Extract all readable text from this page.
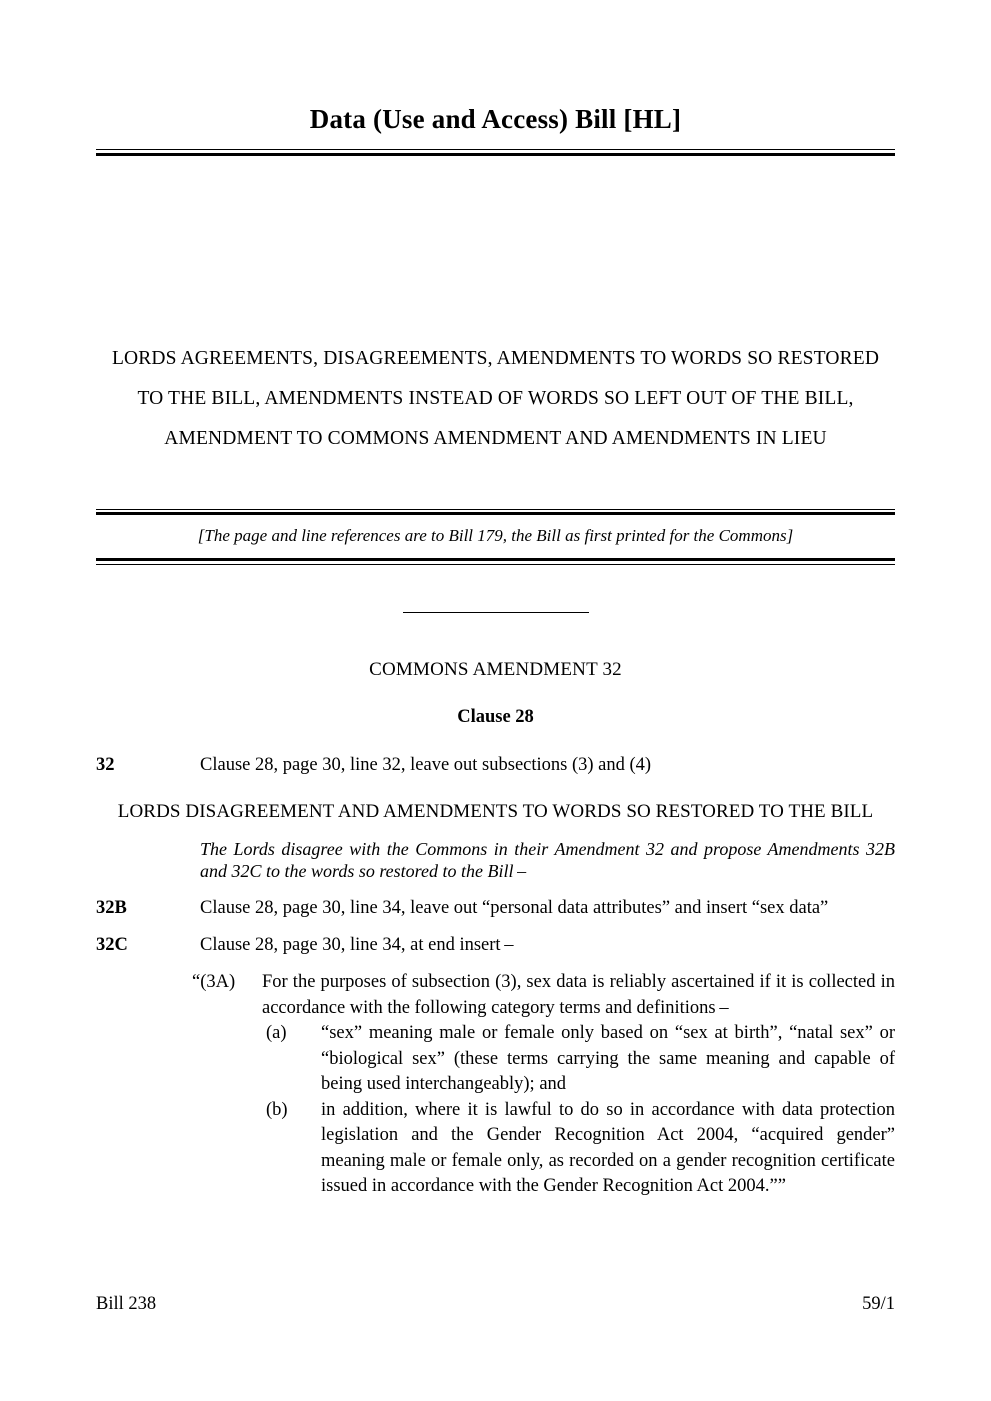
Data (Use and Access) Bill [HL]
LORDS AGREEMENTS, DISAGREEMENTS, AMENDMENTS TO WORDS SO RESTORED
TO THE BILL, AMENDMENTS INSTEAD OF WORDS SO LEFT OUT OF THE BILL,
AMENDMENT TO COMMONS AMENDMENT AND AMENDMENTS IN LIEU
[The page and line references are to Bill 179, the Bill as first printed for the Commons]
COMMONS AMENDMENT 32
Clause 28
32	Clause 28, page 30, line 32, leave out subsections (3) and (4)
LORDS DISAGREEMENT AND AMENDMENTS TO WORDS SO RESTORED TO THE BILL
The Lords disagree with the Commons in their Amendment 32 and propose Amendments 32B and 32C to the words so restored to the Bill –
32B	Clause 28, page 30, line 34, leave out “personal data attributes” and insert “sex data”
32C	Clause 28, page 30, line 34, at end insert –
“(3A) For the purposes of subsection (3), sex data is reliably ascertained if it is collected in accordance with the following category terms and definitions –
(a) “sex” meaning male or female only based on “sex at birth”, “natal sex” or “biological sex” (these terms carrying the same meaning and capable of being used interchangeably); and
(b) in addition, where it is lawful to do so in accordance with data protection legislation and the Gender Recognition Act 2004, “acquired gender” meaning male or female only, as recorded on a gender recognition certificate issued in accordance with the Gender Recognition Act 2004.””
Bill 238	59/1
